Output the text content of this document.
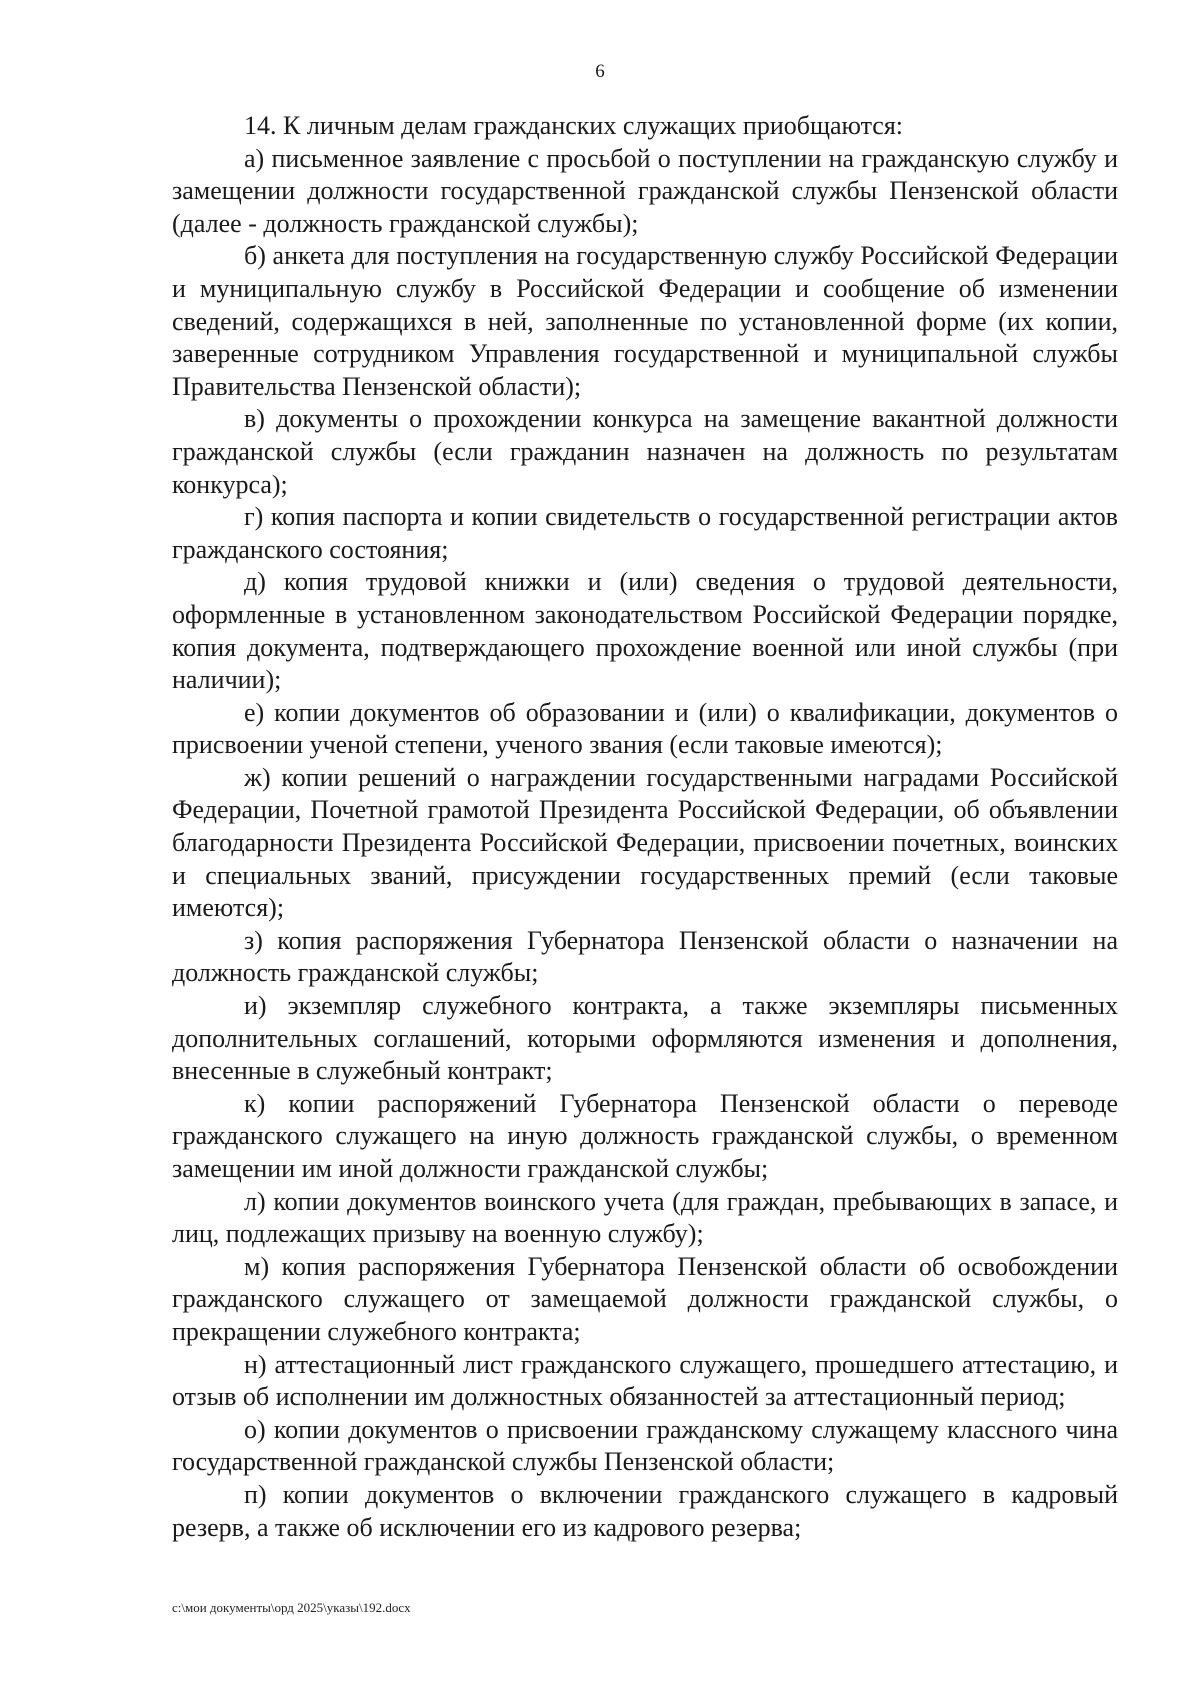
6

14. К личным делам гражданских служащих приобщаются:

а) письменное заявление с просьбой о поступлении на гражданскую службу и замещении должности государственной гражданской службы Пензенской области (далее - должность гражданской службы);

б) анкета для поступления на государственную службу Российской Федерации и муниципальную службу в Российской Федерации и сообщение об изменении сведений, содержащихся в ней, заполненные по установленной форме (их копии, заверенные сотрудником Управления государственной и муниципальной службы Правительства Пензенской области);

в) документы о прохождении конкурса на замещение вакантной должности гражданской службы (если гражданин назначен на должность по результатам конкурса);

г) копия паспорта и копии свидетельств о государственной регистрации актов гражданского состояния;

д) копия трудовой книжки и (или) сведения о трудовой деятельности, оформленные в установленном законодательством Российской Федерации порядке, копия документа, подтверждающего прохождение военной или иной службы (при наличии);

е) копии документов об образовании и (или) о квалификации, документов о присвоении ученой степени, ученого звания (если таковые имеются);

ж) копии решений о награждении государственными наградами Российской Федерации, Почетной грамотой Президента Российской Федерации, об объявлении благодарности Президента Российской Федерации, присвоении почетных, воинских и специальных званий, присуждении государственных премий (если таковые имеются);

з) копия распоряжения Губернатора Пензенской области о назначении на должность гражданской службы;

и) экземпляр служебного контракта, а также экземпляры письменных дополнительных соглашений, которыми оформляются изменения и дополнения, внесенные в служебный контракт;

к) копии распоряжений Губернатора Пензенской области о переводе гражданского служащего на иную должность гражданской службы, о временном замещении им иной должности гражданской службы;

л) копии документов воинского учета (для граждан, пребывающих в запасе, и лиц, подлежащих призыву на военную службу);

м) копия распоряжения Губернатора Пензенской области об освобождении гражданского служащего от замещаемой должности гражданской службы, о прекращении служебного контракта;

н) аттестационный лист гражданского служащего, прошедшего аттестацию, и отзыв об исполнении им должностных обязанностей за аттестационный период;

о) копии документов о присвоении гражданскому служащему классного чина государственной гражданской службы Пензенской области;

п) копии документов о включении гражданского служащего в кадровый резерв, а также об исключении его из кадрового резерва;

c:\мои документы\орд 2025\указы\192.docx
